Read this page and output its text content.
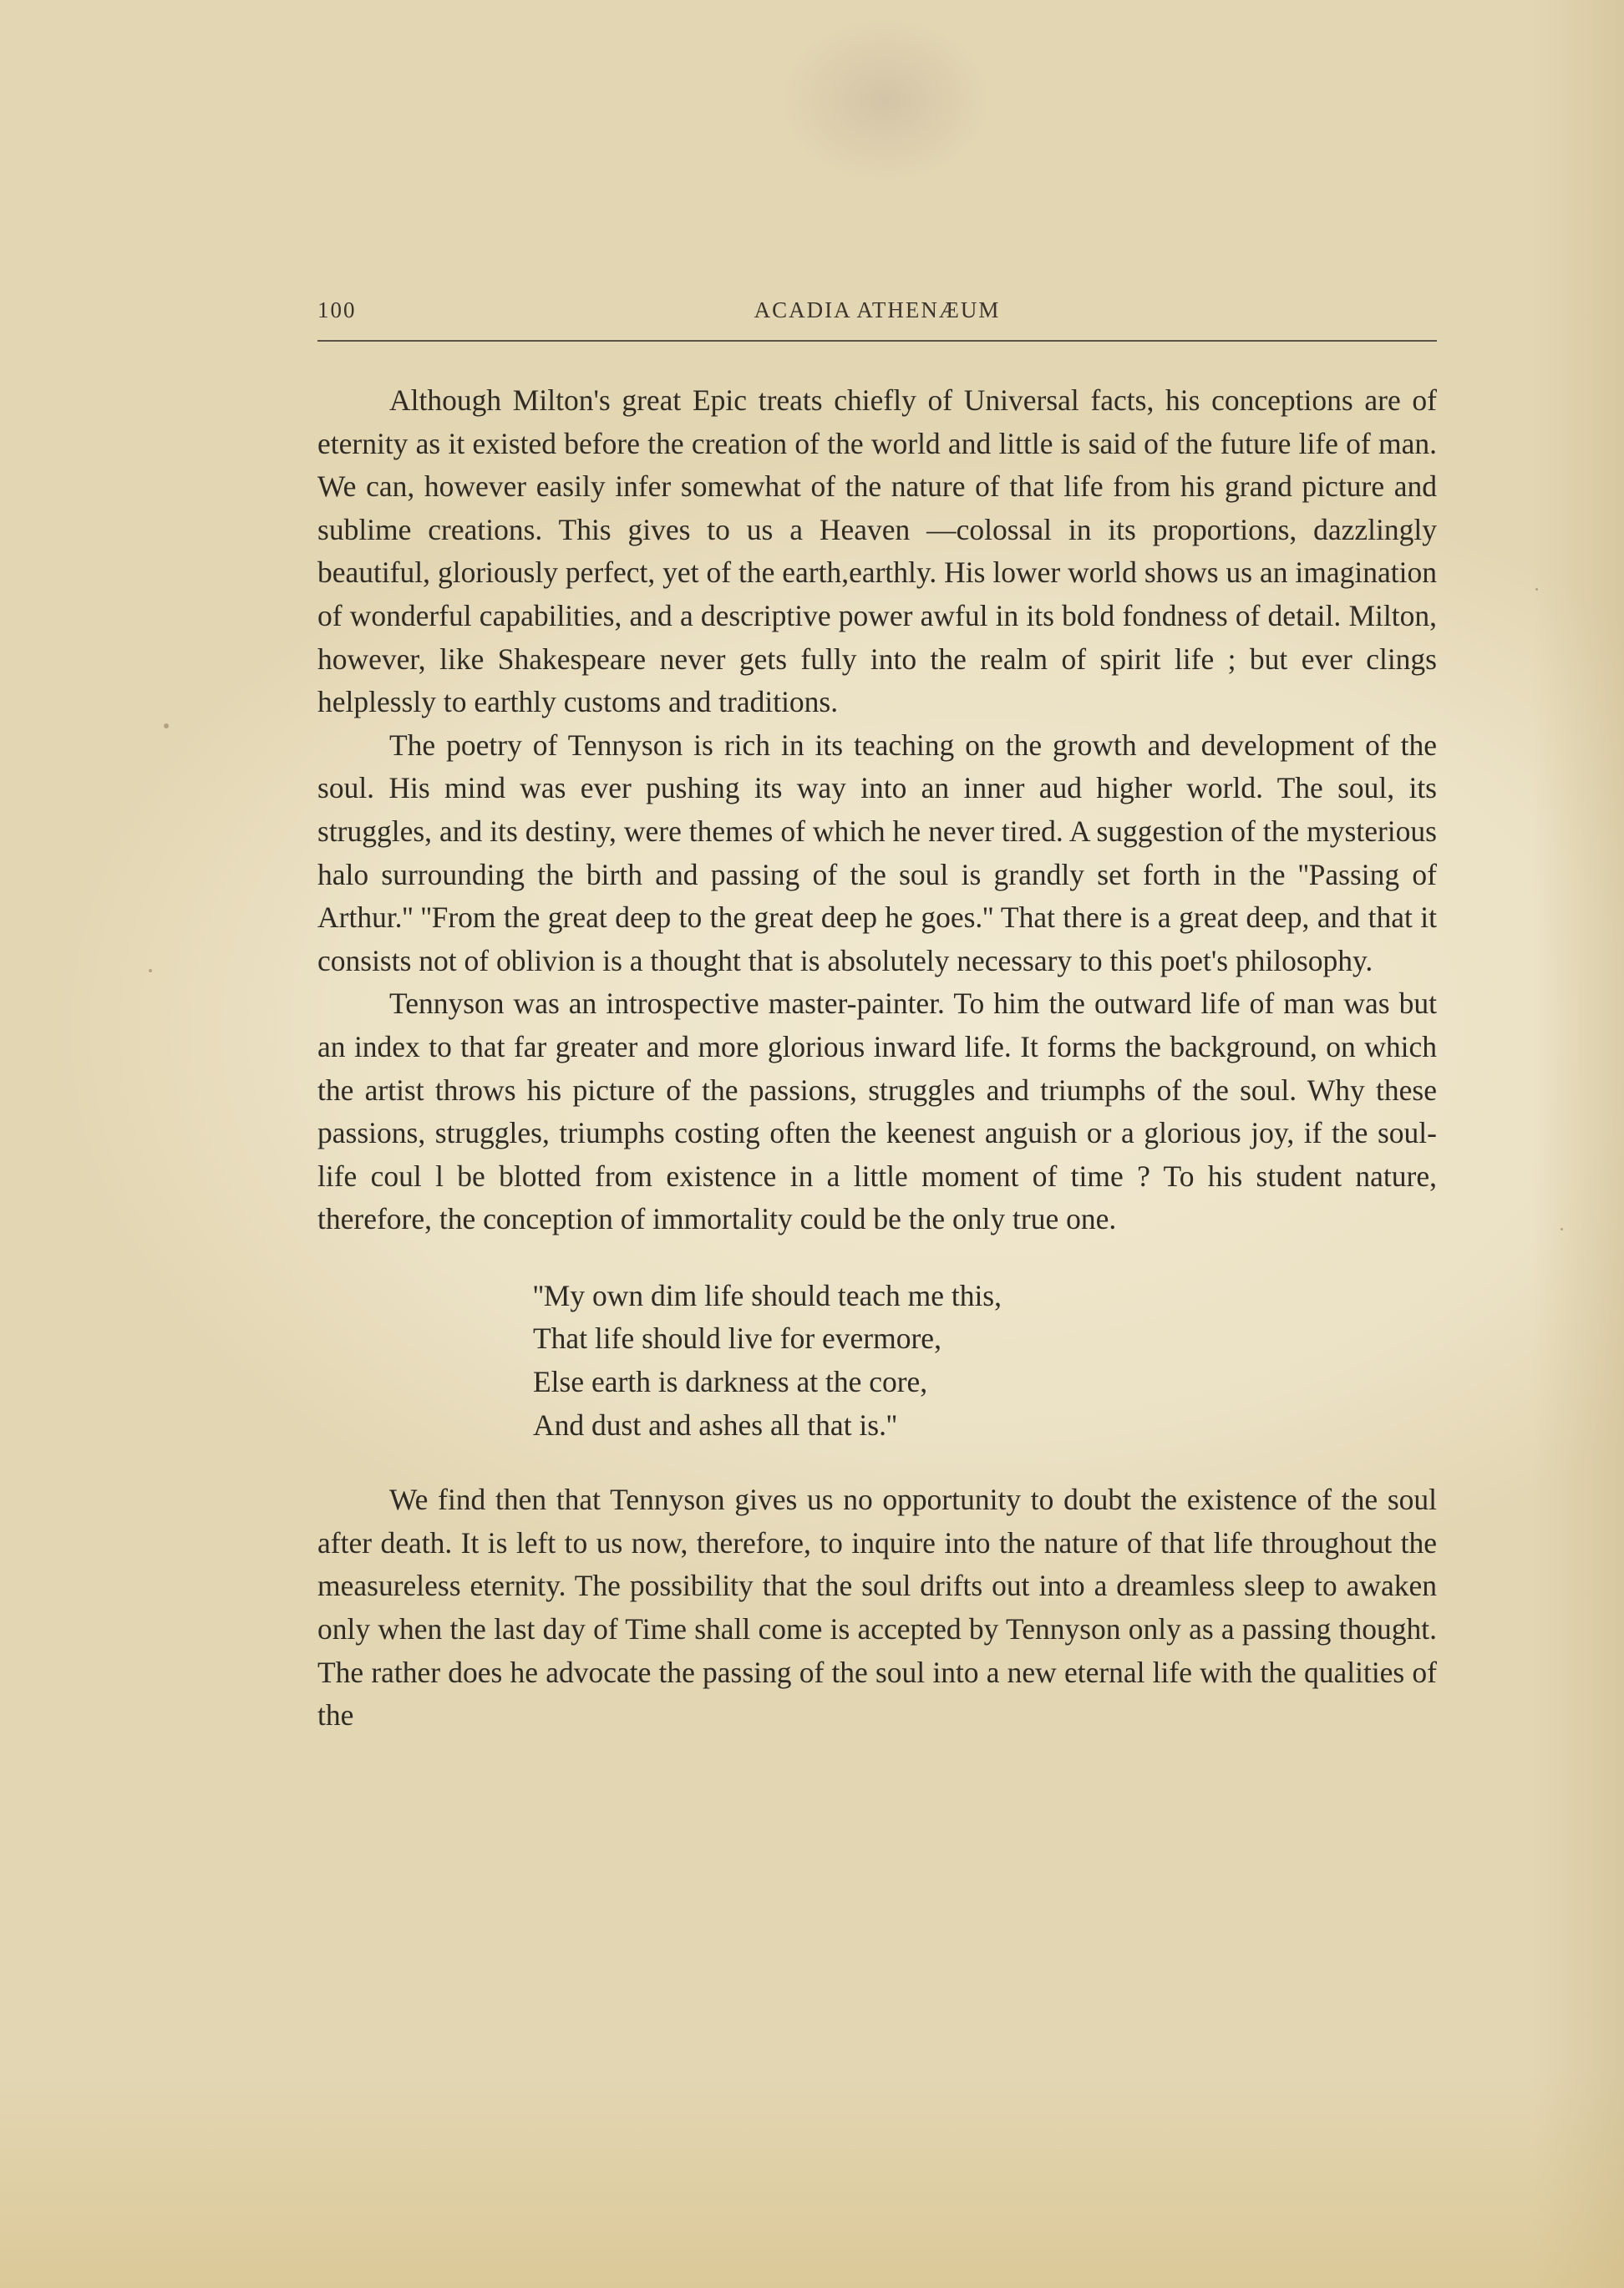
100	ACADIA ATHENÆUM

Although Milton's great Epic treats chiefly of Universal facts, his conceptions are of eternity as it existed before the creation of the world and little is said of the future life of man. We can, however easily infer somewhat of the nature of that life from his grand picture and sublime creations. This gives to us a Heaven —colossal in its proportions, dazzlingly beautiful, gloriously perfect, yet of the earth,earthly. His lower world shows us an imagination of wonderful capabilities, and a descriptive power awful in its bold fondness of detail. Milton, however, like Shakespeare never gets fully into the realm of spirit life ; but ever clings helplessly to earthly customs and traditions.

The poetry of Tennyson is rich in its teaching on the growth and development of the soul. His mind was ever pushing its way into an inner aud higher world. The soul, its struggles, and its destiny, were themes of which he never tired. A suggestion of the mysterious halo surrounding the birth and passing of the soul is grandly set forth in the ''Passing of Arthur.'' ''From the great deep to the great deep he goes.'' That there is a great deep, and that it consists not of oblivion is a thought that is absolutely necessary to this poet's philosophy.

Tennyson was an introspective master-painter. To him the outward life of man was but an index to that far greater and more glorious inward life. It forms the background, on which the artist throws his picture of the passions, struggles and triumphs of the soul. Why these passions, struggles, triumphs costing often the keenest anguish or a glorious joy, if the soul-life coul l be blotted from existence in a little moment of time ? To his student nature, therefore, the conception of immortality could be the only true one.

''My own dim life should teach me this,
That life should live for evermore,
Else earth is darkness at the core,
And dust and ashes all that is.''

We find then that Tennyson gives us no opportunity to doubt the existence of the soul after death. It is left to us now, therefore, to inquire into the nature of that life throughout the measureless eternity. The possibility that the soul drifts out into a dreamless sleep to awaken only when the last day of Time shall come is accepted by Tennyson only as a passing thought. The rather does he advocate the passing of the soul into a new eternal life with the qualities of the
